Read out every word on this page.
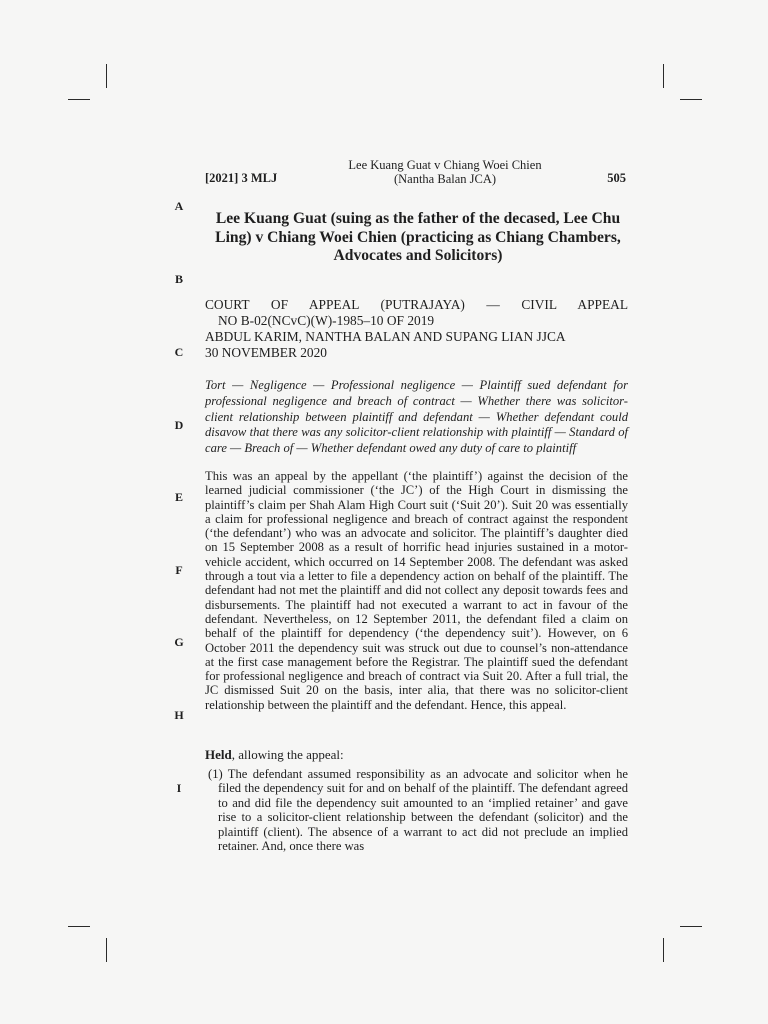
[2021] 3 MLJ
Lee Kuang Guat v Chiang Woei Chien
(Nantha Balan JCA)	505
A
B
C
D
E
F
G
H
I
Lee Kuang Guat (suing as the father of the decased, Lee Chu Ling) v Chiang Woei Chien (practicing as Chiang Chambers, Advocates and Solicitors)
COURT OF APPEAL (PUTRAJAYA) — CIVIL APPEAL
NO B-02(NCvC)(W)-1985–10 OF 2019
ABDUL KARIM, NANTHA BALAN AND SUPANG LIAN JJCA
30 NOVEMBER 2020
Tort — Negligence — Professional negligence — Plaintiff sued defendant for professional negligence and breach of contract — Whether there was solicitor-client relationship between plaintiff and defendant — Whether defendant could disavow that there was any solicitor-client relationship with plaintiff — Standard of care — Breach of — Whether defendant owed any duty of care to plaintiff
This was an appeal by the appellant (‘the plaintiff’) against the decision of the learned judicial commissioner (‘the JC’) of the High Court in dismissing the plaintiff’s claim per Shah Alam High Court suit (‘Suit 20’). Suit 20 was essentially a claim for professional negligence and breach of contract against the respondent (‘the defendant’) who was an advocate and solicitor. The plaintiff’s daughter died on 15 September 2008 as a result of horrific head injuries sustained in a motor-vehicle accident, which occurred on 14 September 2008. The defendant was asked through a tout via a letter to file a dependency action on behalf of the plaintiff. The defendant had not met the plaintiff and did not collect any deposit towards fees and disbursements. The plaintiff had not executed a warrant to act in favour of the defendant. Nevertheless, on 12 September 2011, the defendant filed a claim on behalf of the plaintiff for dependency (‘the dependency suit’). However, on 6 October 2011 the dependency suit was struck out due to counsel’s non-attendance at the first case management before the Registrar. The plaintiff sued the defendant for professional negligence and breach of contract via Suit 20. After a full trial, the JC dismissed Suit 20 on the basis, inter alia, that there was no solicitor-client relationship between the plaintiff and the defendant. Hence, this appeal.
Held, allowing the appeal:
(1) The defendant assumed responsibility as an advocate and solicitor when he filed the dependency suit for and on behalf of the plaintiff. The defendant agreed to and did file the dependency suit amounted to an ‘implied retainer’ and gave rise to a solicitor-client relationship between the defendant (solicitor) and the plaintiff (client). The absence of a warrant to act did not preclude an implied retainer. And, once there was
